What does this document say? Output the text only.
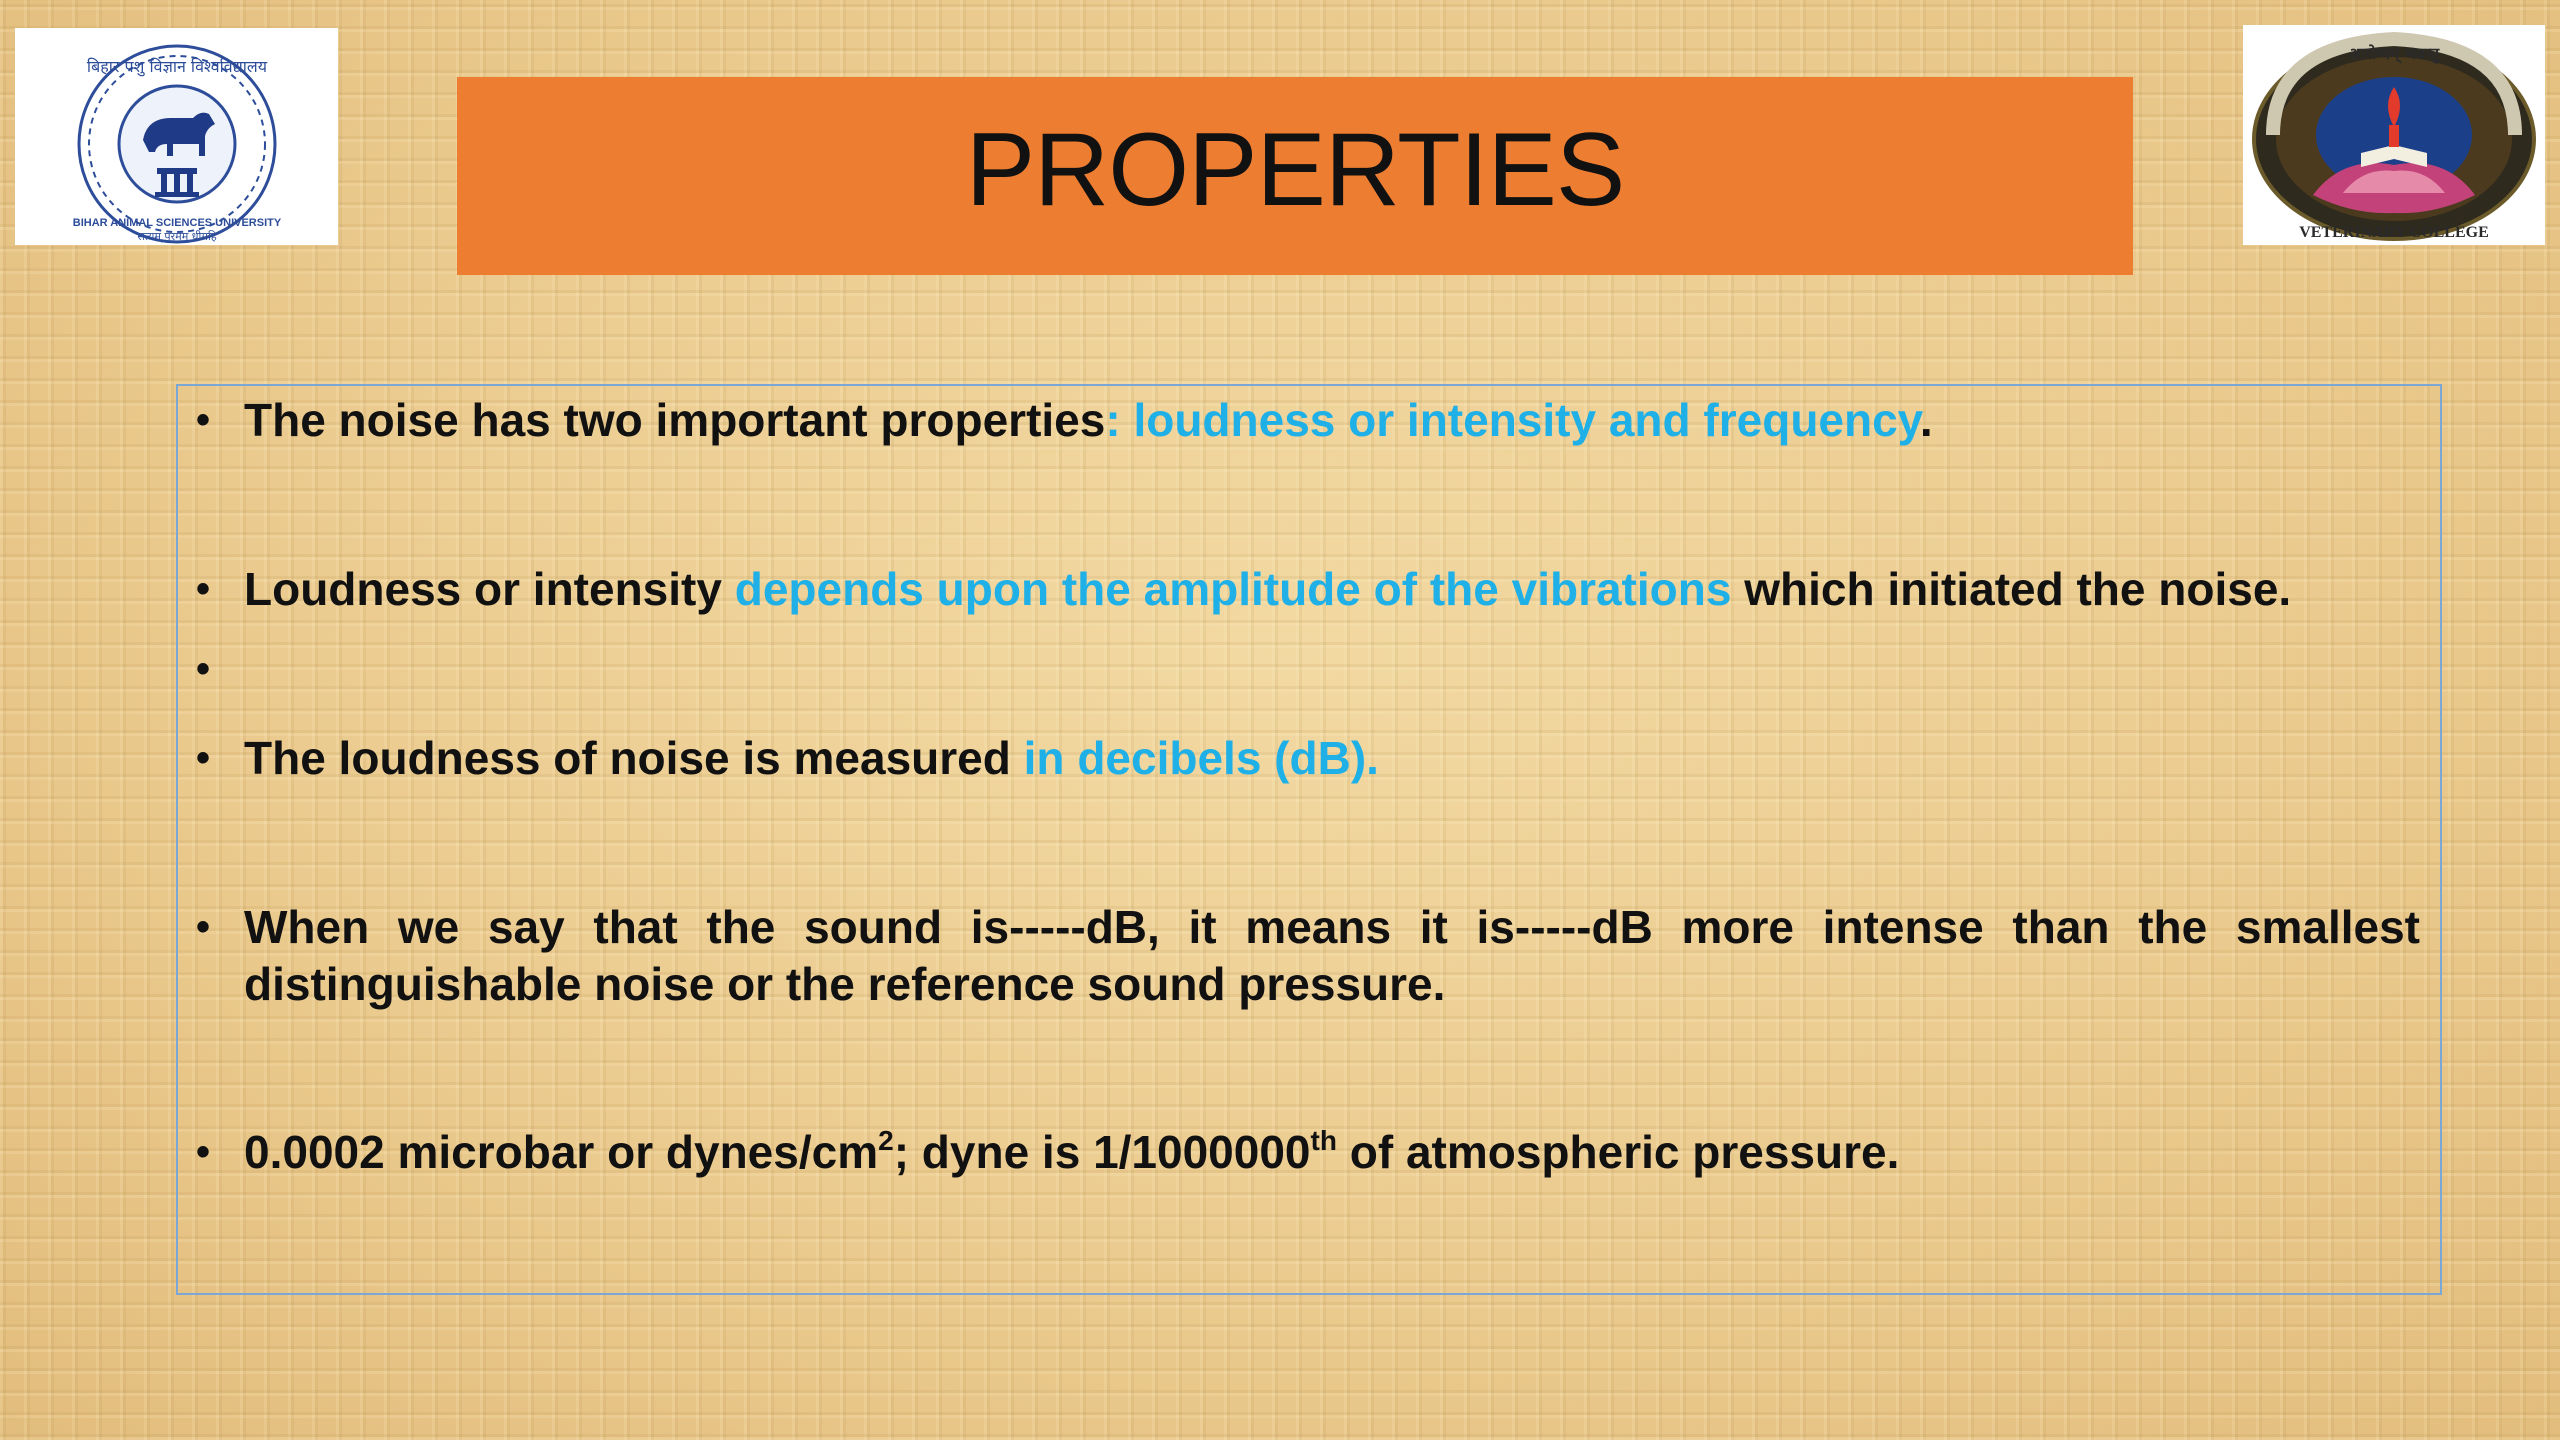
बिहार पशु विज्ञान विश्वविद्यालय
BIHAR ANIMAL SCIENCES UNIVERSITY
सत्यम् परमम् धीमहि
PROPERTIES
आरोग्यम् भवन्तु
VETERINARY COLLEGE
• The noise has two important properties: loudness or intensity and frequency.
• Loudness or intensity depends upon the amplitude of the vibrations which initiated the noise.
•
• The loudness of noise is measured in decibels (dB).
• When we say that the sound is-----dB, it means it is-----dB more intense than the smallest distinguishable noise or the reference sound pressure.
• 0.0002 microbar or dynes/$cm^2$; dyne is 1/1000000th of atmospheric pressure.
